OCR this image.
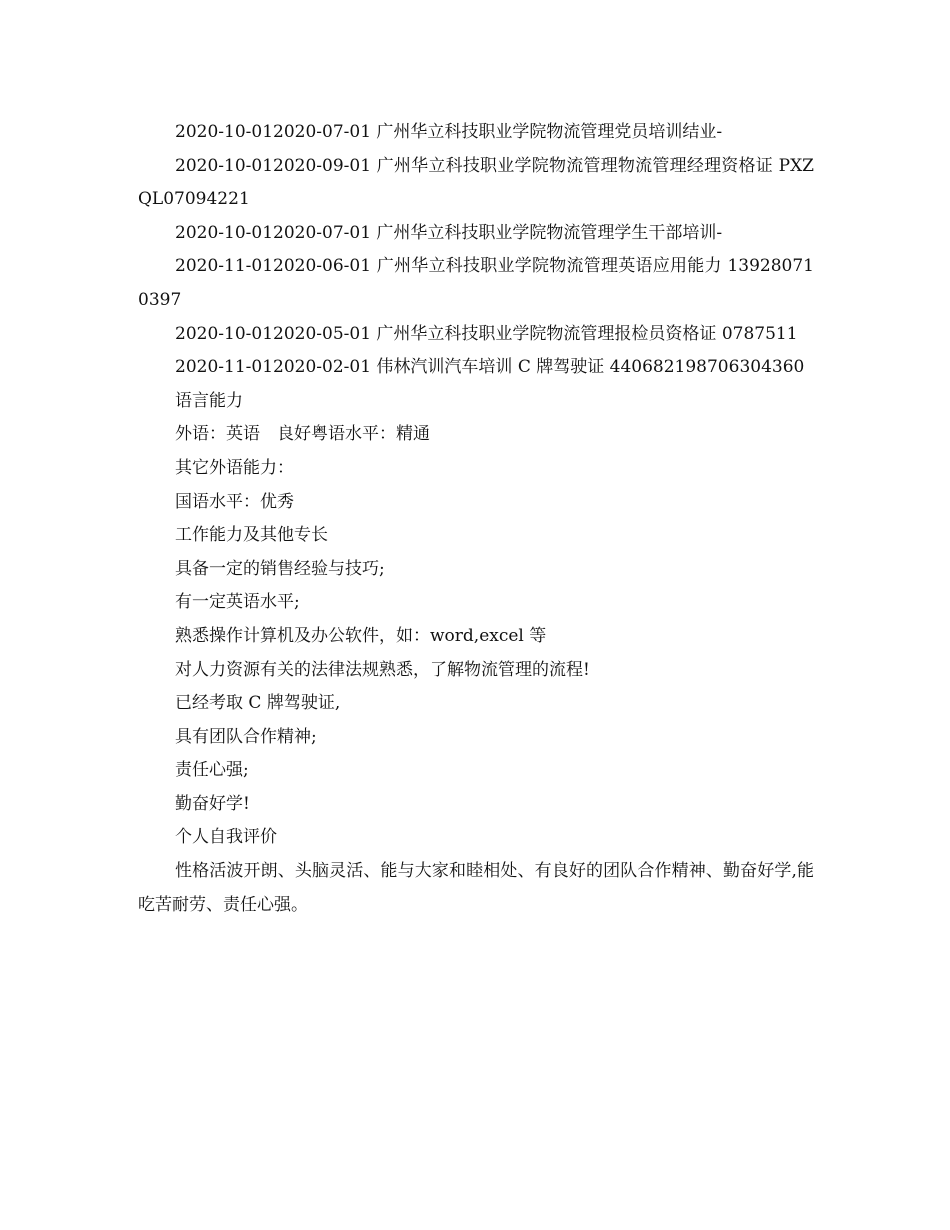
2020-10-012020-07-01 广州华立科技职业学院物流管理党员培训结业-

2020-10-012020-09-01 广州华立科技职业学院物流管理物流管理经理资格证 PXZQL07094221

2020-10-012020-07-01 广州华立科技职业学院物流管理学生干部培训-

2020-11-012020-06-01 广州华立科技职业学院物流管理英语应用能力 139280710397

2020-10-012020-05-01 广州华立科技职业学院物流管理报检员资格证 0787511

2020-11-012020-02-01 伟林汽训汽车培训 C 牌驾驶证 440682198706304360

语言能力

外语：英语　良好粤语水平：精通

其它外语能力：

国语水平：优秀

工作能力及其他专长

具备一定的销售经验与技巧;

有一定英语水平;

熟悉操作计算机及办公软件，如：word,excel 等

对人力资源有关的法律法规熟悉，了解物流管理的流程!

已经考取 C 牌驾驶证,

具有团队合作精神;

责任心强;

勤奋好学!

个人自我评价

性格活波开朗、头脑灵活、能与大家和睦相处、有良好的团队合作精神、勤奋好学,能吃苦耐劳、责任心强。
